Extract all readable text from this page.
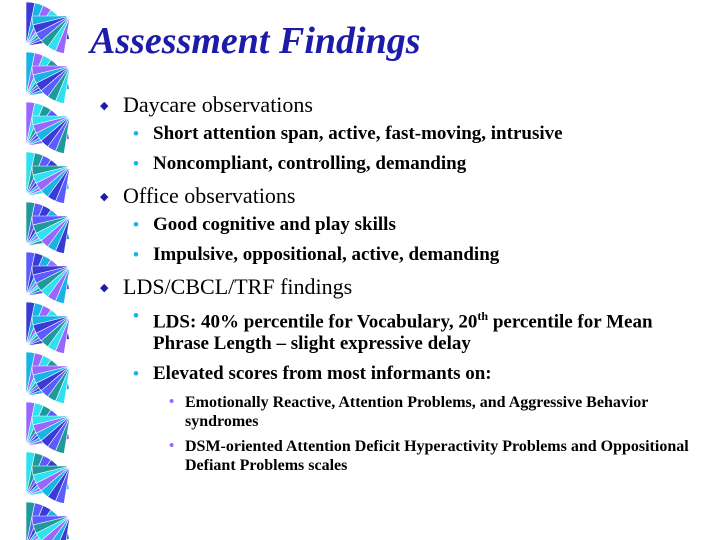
Assessment Findings
◆ Daycare observations
• Short attention span, active, fast-moving, intrusive
• Noncompliant, controlling, demanding
◆ Office observations
• Good cognitive and play skills
• Impulsive, oppositional, active, demanding
◆ LDS/CBCL/TRF findings
• LDS: 40% percentile for Vocabulary, 20th percentile for Mean Phrase Length – slight expressive delay
• Elevated scores from most informants on:
• Emotionally Reactive, Attention Problems, and Aggressive Behavior syndromes
• DSM-oriented Attention Deficit Hyperactivity Problems and Oppositional Defiant Problems scales
